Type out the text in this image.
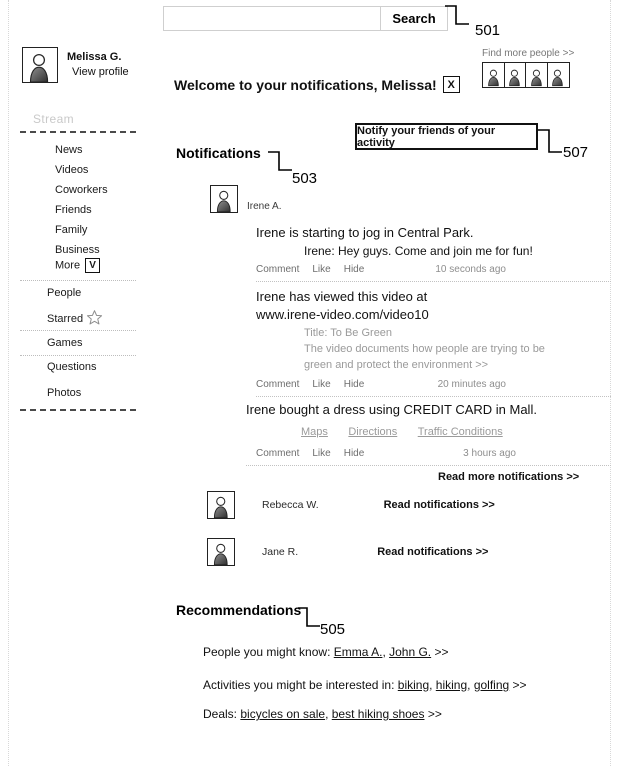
Search
501
Melissa G.
View profile
Find more people >>
Welcome to your notifications, Melissa! X
Stream
News
Videos
Coworkers
Friends
Family
Business
More V
People
Starred
Games
Questions
Photos
Notify your friends of your activity
507
Notifications
503
Irene A.
Irene is starting to jog in Central Park.
Irene: Hey guys. Come and join me for fun!
Comment Like Hide	10 seconds ago
Irene has viewed this video at
www.irene-video.com/video10
Title: To Be Green
The video documents how people are trying to be
green and protect the environment >>
Comment Like Hide	20 minutes ago
Irene bought a dress using CREDIT CARD in Mall.
Maps Directions Traffic Conditions
Comment Like Hide	3 hours ago
Read more notifications >>
Rebecca W.	Read notifications >>
Jane R.	Read notifications >>
Recommendations
505
People you might know: Emma A., John G. >>
Activities you might be interested in: biking, hiking, golfing >>
Deals: bicycles on sale, best hiking shoes >>
